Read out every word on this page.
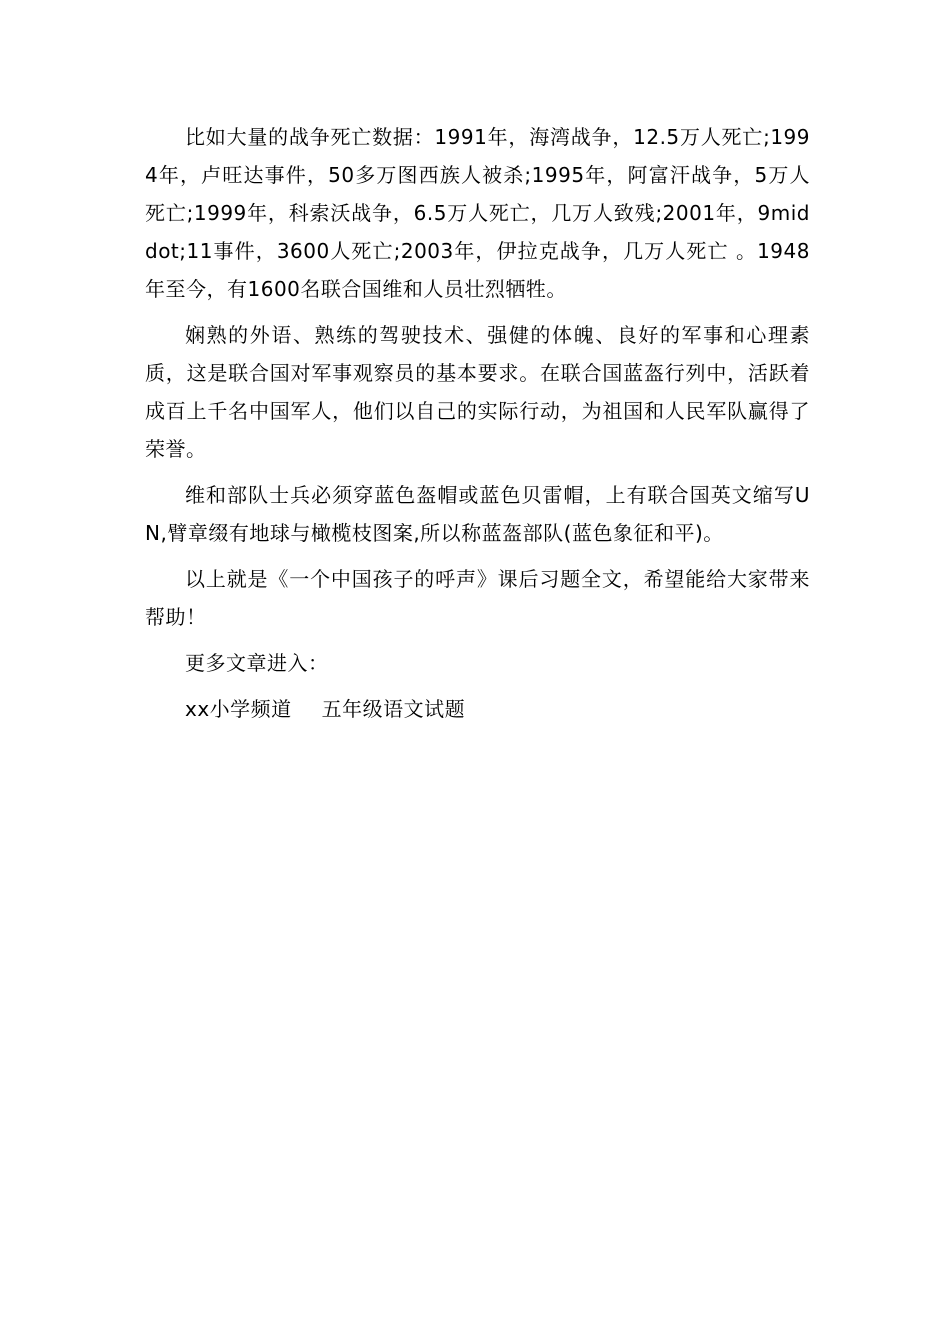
比如大量的战争死亡数据：1991年，海湾战争，12.5万人死亡;1994年，卢旺达事件，50多万图西族人被杀;1995年，阿富汗战争，5万人死亡;1999年，科索沃战争，6.5万人死亡，几万人致残;2001年，9middot;11事件，3600人死亡;2003年，伊拉克战争，几万人死亡 。1948年至今，有1600名联合国维和人员壮烈牺牲。

娴熟的外语、熟练的驾驶技术、强健的体魄、良好的军事和心理素质，这是联合国对军事观察员的基本要求。在联合国蓝盔行列中，活跃着成百上千名中国军人，他们以自己的实际行动，为祖国和人民军队赢得了荣誉。

维和部队士兵必须穿蓝色盔帽或蓝色贝雷帽，上有联合国英文缩写UN,臂章缀有地球与橄榄枝图案,所以称蓝盔部队(蓝色象征和平)。

以上就是《一个中国孩子的呼声》课后习题全文，希望能给大家带来帮助！

更多文章进入：

xx小学频道 五年级语文试题
